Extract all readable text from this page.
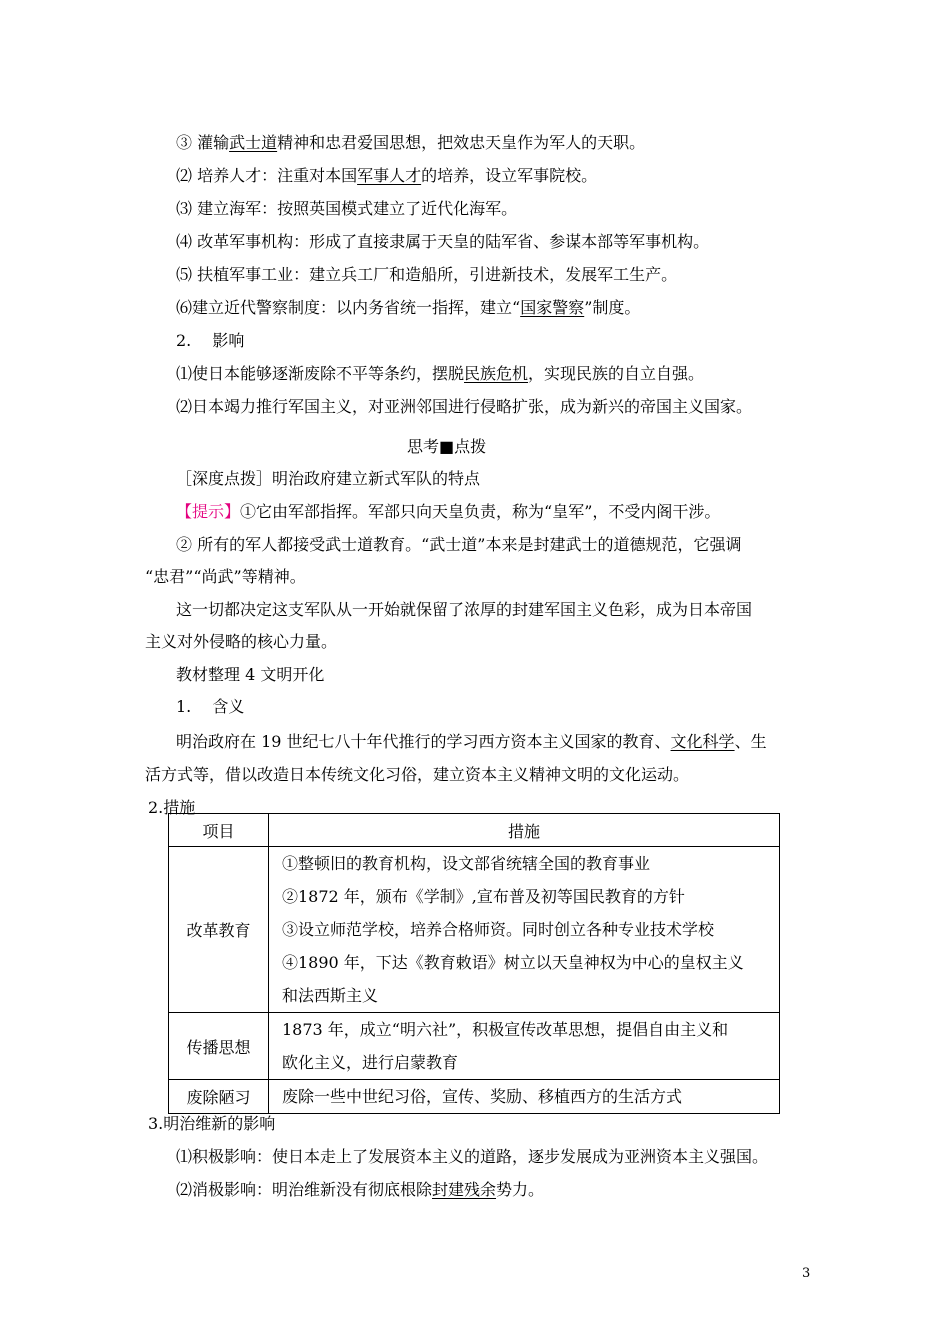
③ 灌输武士道精神和忠君爱国思想，把效忠天皇作为军人的天职。
⑵ 培养人才：注重对本国军事人才的培养，设立军事院校。
⑶ 建立海军：按照英国模式建立了近代化海军。
⑷ 改革军事机构：形成了直接隶属于天皇的陆军省、参谋本部等军事机构。
⑸ 扶植军事工业：建立兵工厂和造船所，引进新技术，发展军工生产。
⑹建立近代警察制度：以内务省统一指挥，建立“国家警察”制度。
2.　 影响
⑴使日本能够逐渐废除不平等条约，摆脱民族危机，实现民族的自立自强。
⑵日本竭力推行军国主义，对亚洲邻国进行侵略扩张，成为新兴的帝国主义国家。
思考■点拨
［深度点拨］明治政府建立新式军队的特点
【提示】①它由军部指挥。军部只向天皇负责，称为“皇军”，不受内阁干涉。
② 所有的军人都接受武士道教育。“武士道”本来是封建武士的道德规范，它强调
“忠君”“尚武”等精神。
这一切都决定这支军队从一开始就保留了浓厚的封建军国主义色彩，成为日本帝国
主义对外侵略的核心力量。
教材整理 4 文明开化
1.　 含义
明治政府在 19 世纪七八十年代推行的学习西方资本主义国家的教育、文化科学、生
活方式等，借以改造日本传统文化习俗，建立资本主义精神文明的文化运动。
2.措施
项目	措施
改革教育	①整顿旧的教育机构，设文部省统辖全国的教育事业
②1872 年，颁布《学制》,宣布普及初等国民教育的方针
③设立师范学校，培养合格师资。同时创立各种专业技术学校
④1890 年，下达《教育敕语》树立以天皇神权为中心的皇权主义
和法西斯主义

传播思想	1873 年，成立“明六社”，积极宣传改革思想，提倡自由主义和
欧化主义，进行启蒙教育

废除陋习	废除一些中世纪习俗，宣传、奖励、移植西方的生活方式
3.明治维新的影响
⑴积极影响：使日本走上了发展资本主义的道路，逐步发展成为亚洲资本主义强国。
⑵消极影响：明治维新没有彻底根除封建残余势力。
3
